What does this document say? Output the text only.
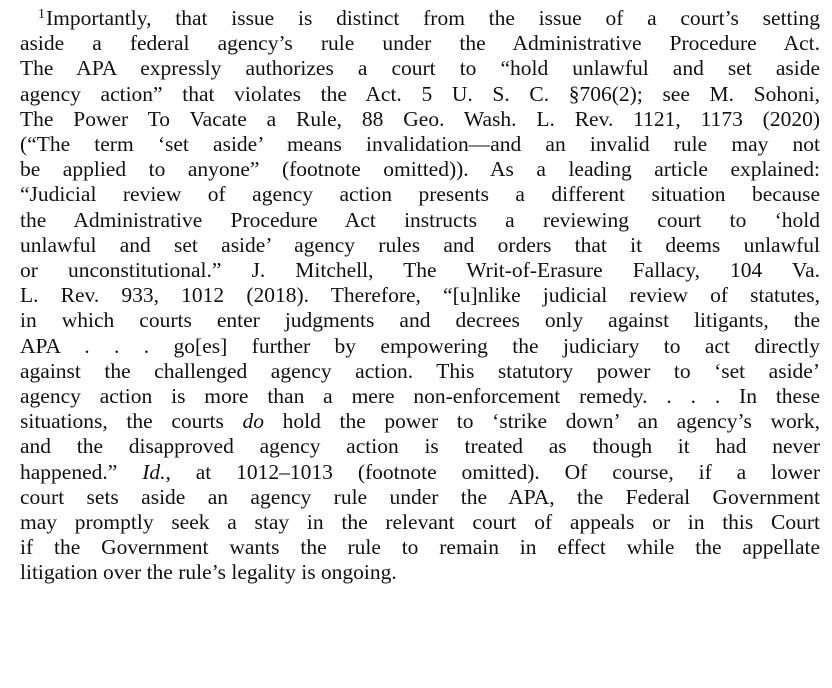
$^1$Importantly, that issue is distinct from the issue of a court’s setting
aside a federal agency’s rule under the Administrative Procedure Act.
The APA expressly authorizes a court to “hold unlawful and set aside
agency action” that violates the Act. 5 U. S. C. §706(2); see M. Sohoni,
The Power To Vacate a Rule, 88 Geo. Wash. L. Rev. 1121, 1173 (2020)
(“The term ‘set aside’ means invalidation—and an invalid rule may not
be applied to anyone” (footnote omitted)). As a leading article explained:
“Judicial review of agency action presents a different situation because
the Administrative Procedure Act instructs a reviewing court to ‘hold
unlawful and set aside’ agency rules and orders that it deems unlawful
or unconstitutional.” J. Mitchell, The Writ-of-Erasure Fallacy, 104 Va.
L. Rev. 933, 1012 (2018). Therefore, “[u]nlike judicial review of statutes,
in which courts enter judgments and decrees only against litigants, the
APA . . . go[es] further by empowering the judiciary to act directly
against the challenged agency action. This statutory power to ‘set aside’
agency action is more than a mere non-enforcement remedy. . . . In these
situations, the courts do hold the power to ‘strike down’ an agency’s work,
and the disapproved agency action is treated as though it had never
happened.” Id., at 1012–1013 (footnote omitted). Of course, if a lower
court sets aside an agency rule under the APA, the Federal Government
may promptly seek a stay in the relevant court of appeals or in this Court
if the Government wants the rule to remain in effect while the appellate
litigation over the rule’s legality is ongoing.
